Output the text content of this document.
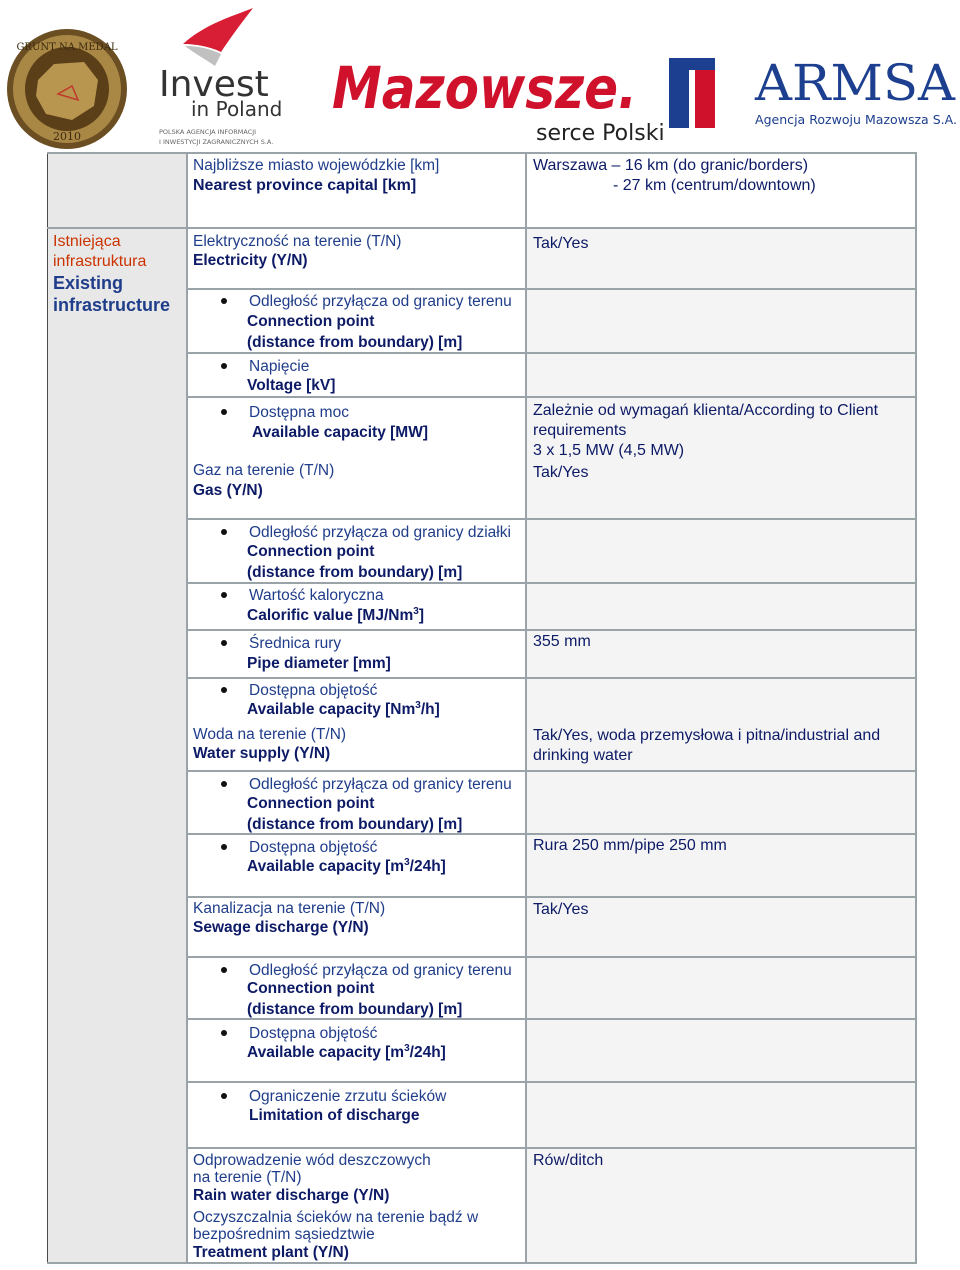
GRUNT NA MEDAL
2010
Invest
in Poland
POLSKA AGENCJA INFORMACJI
I INWESTYCJI ZAGRANICZNYCH S.A.
Mazowsze.
serce Polski
ARMSA
Agencja Rozwoju Mazowsza S.A.
Najbliższe miasto wojewódzkie [km]
Nearest province capital [km]
Warszawa – 16 km (do granic/borders)
- 27 km (centrum/downtown)
Istniejąca
infrastruktura
Existing
infrastructure
Elektryczność na terenie (T/N)
Electricity (Y/N)
Tak/Yes
Odległość przyłącza od granicy terenu
Connection point
(distance from boundary) [m]
Napięcie
Voltage [kV]
Dostępna moc
Available capacity [MW]
Zależnie od wymagań klienta/According to Client
requirements
3 x 1,5 MW (4,5 MW)
Gaz na terenie (T/N)
Gas (Y/N)
Tak/Yes
Odległość przyłącza od granicy działki
Connection point
(distance from boundary) [m]
Wartość kaloryczna
Calorific value [MJ/Nm$^3$]
Średnica rury
Pipe diameter [mm]
355 mm
Dostępna objętość
Available capacity [Nm$^3$/h]
Woda na terenie (T/N)
Water supply (Y/N)
Tak/Yes, woda przemysłowa i pitna/industrial and
drinking water
Odległość przyłącza od granicy terenu
Connection point
(distance from boundary) [m]
Dostępna objętość
Available capacity $[m^3/24h]$
Rura 250 mm/pipe 250 mm
Kanalizacja na terenie (T/N)
Sewage discharge (Y/N)
Tak/Yes
Odległość przyłącza od granicy terenu
Connection point
(distance from boundary) [m]
Dostępna objętość
Available capacity $[m^3/24h]$
Ograniczenie zrzutu ścieków
Limitation of discharge
Odprowadzenie wód deszczowych
na terenie (T/N)
Rain water discharge (Y/N)
Rów/ditch
Oczyszczalnia ścieków na terenie bądź w
bezpośrednim sąsiedztwie
Treatment plant (Y/N)
